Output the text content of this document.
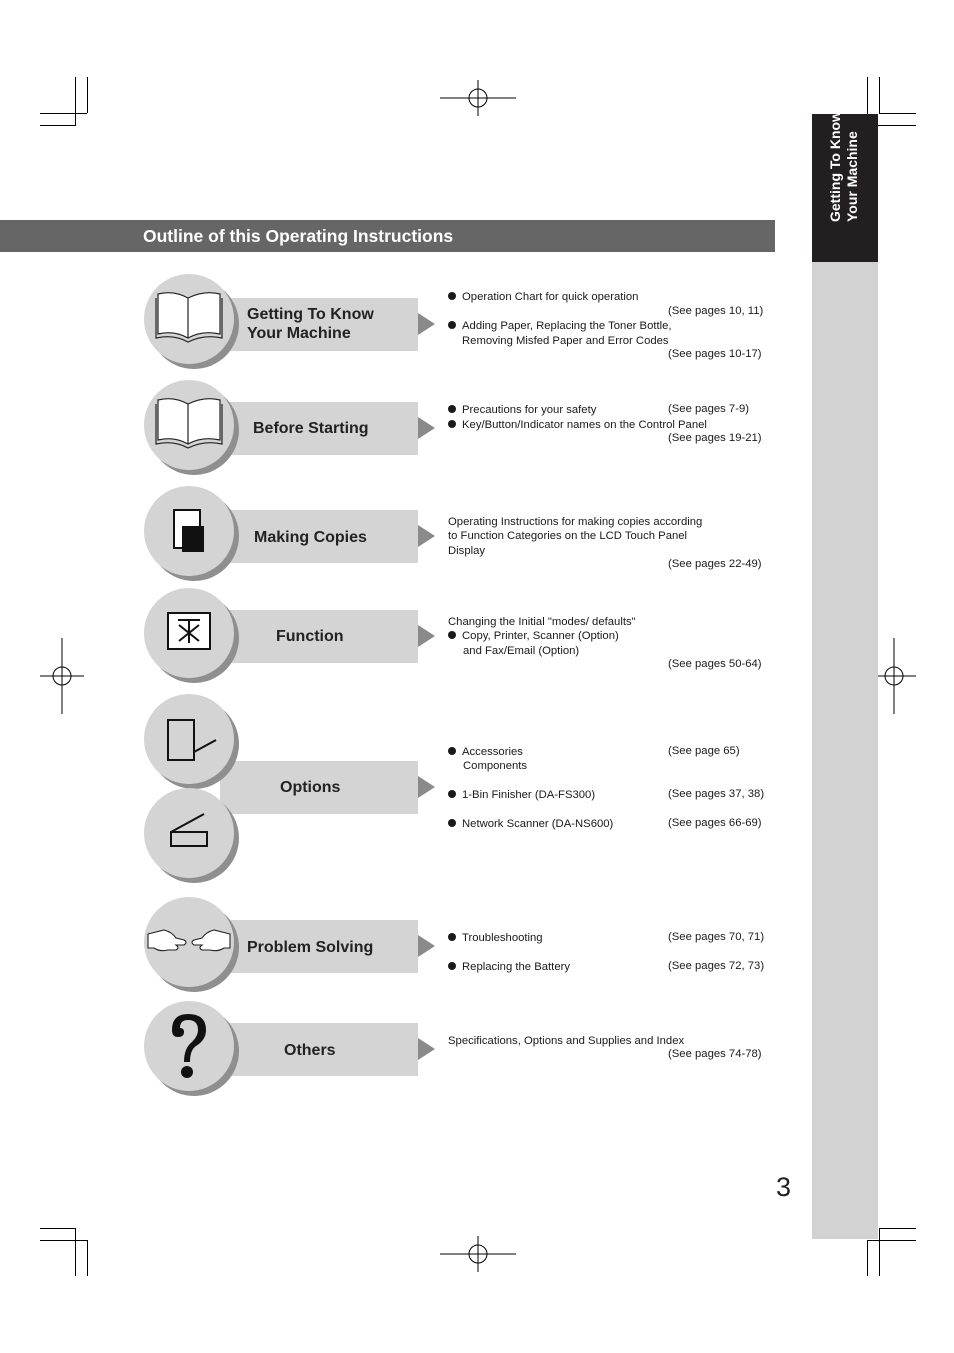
Getting To Know Your Machine
Outline of this Operating Instructions
Getting To Know
Your Machine
Operation Chart for quick operation
(See pages 10, 11)
Adding Paper, Replacing the Toner Bottle,
Removing Misfed Paper and Error Codes
(See pages 10-17)
Before Starting
Precautions for your safety	(See pages 7-9)
Key/Button/Indicator names on the Control Panel
(See pages 19-21)
Making Copies
Operating Instructions for making copies according
to Function Categories on the LCD Touch Panel
Display
(See pages 22-49)
Function
Changing the Initial "modes/ defaults"
Copy, Printer, Scanner (Option)
and Fax/Email (Option)
(See pages 50-64)
Options
Accessories	(See page 65)
Components
1-Bin Finisher (DA-FS300)	(See pages 37, 38)
Network Scanner (DA-NS600)	(See pages 66-69)
Problem Solving
Troubleshooting	(See pages 70, 71)
Replacing the Battery	(See pages 72, 73)
Others
Specifications, Options and Supplies and Index
(See pages 74-78)
3
